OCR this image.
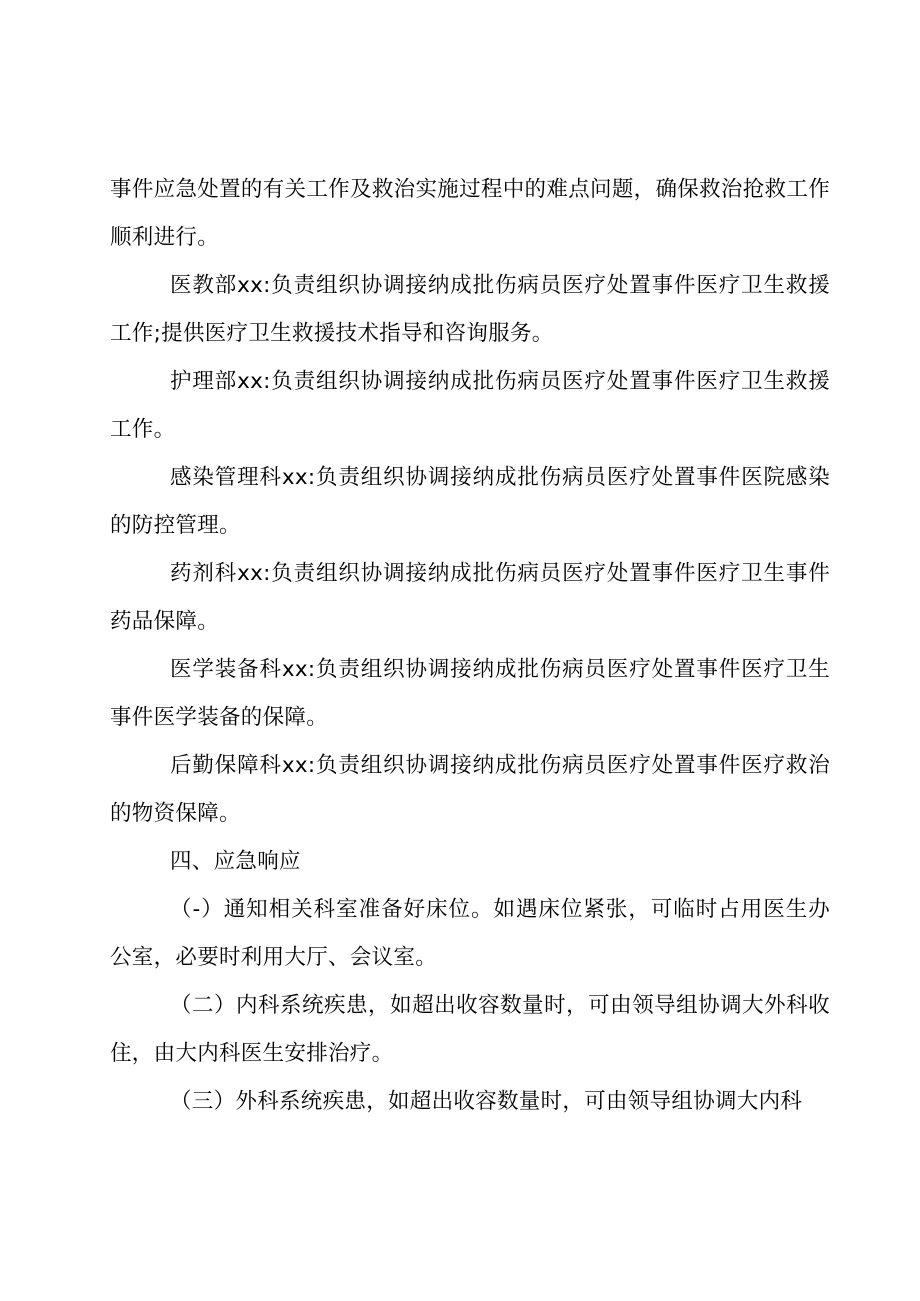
事件应急处置的有关工作及救治实施过程中的难点问题，确保救治抢救工作顺利进行。

医教部xx:负责组织协调接纳成批伤病员医疗处置事件医疗卫生救援工作;提供医疗卫生救援技术指导和咨询服务。

护理部xx:负责组织协调接纳成批伤病员医疗处置事件医疗卫生救援工作。

感染管理科xx:负责组织协调接纳成批伤病员医疗处置事件医院感染的防控管理。

药剂科xx:负责组织协调接纳成批伤病员医疗处置事件医疗卫生事件药品保障。

医学装备科xx:负责组织协调接纳成批伤病员医疗处置事件医疗卫生事件医学装备的保障。

后勤保障科xx:负责组织协调接纳成批伤病员医疗处置事件医疗救治的物资保障。

四、应急响应

（-）通知相关科室准备好床位。如遇床位紧张，可临时占用医生办公室，必要时利用大厅、会议室。

（二）内科系统疾患，如超出收容数量时，可由领导组协调大外科收住，由大内科医生安排治疗。

（三）外科系统疾患，如超出收容数量时，可由领导组协调大内科
